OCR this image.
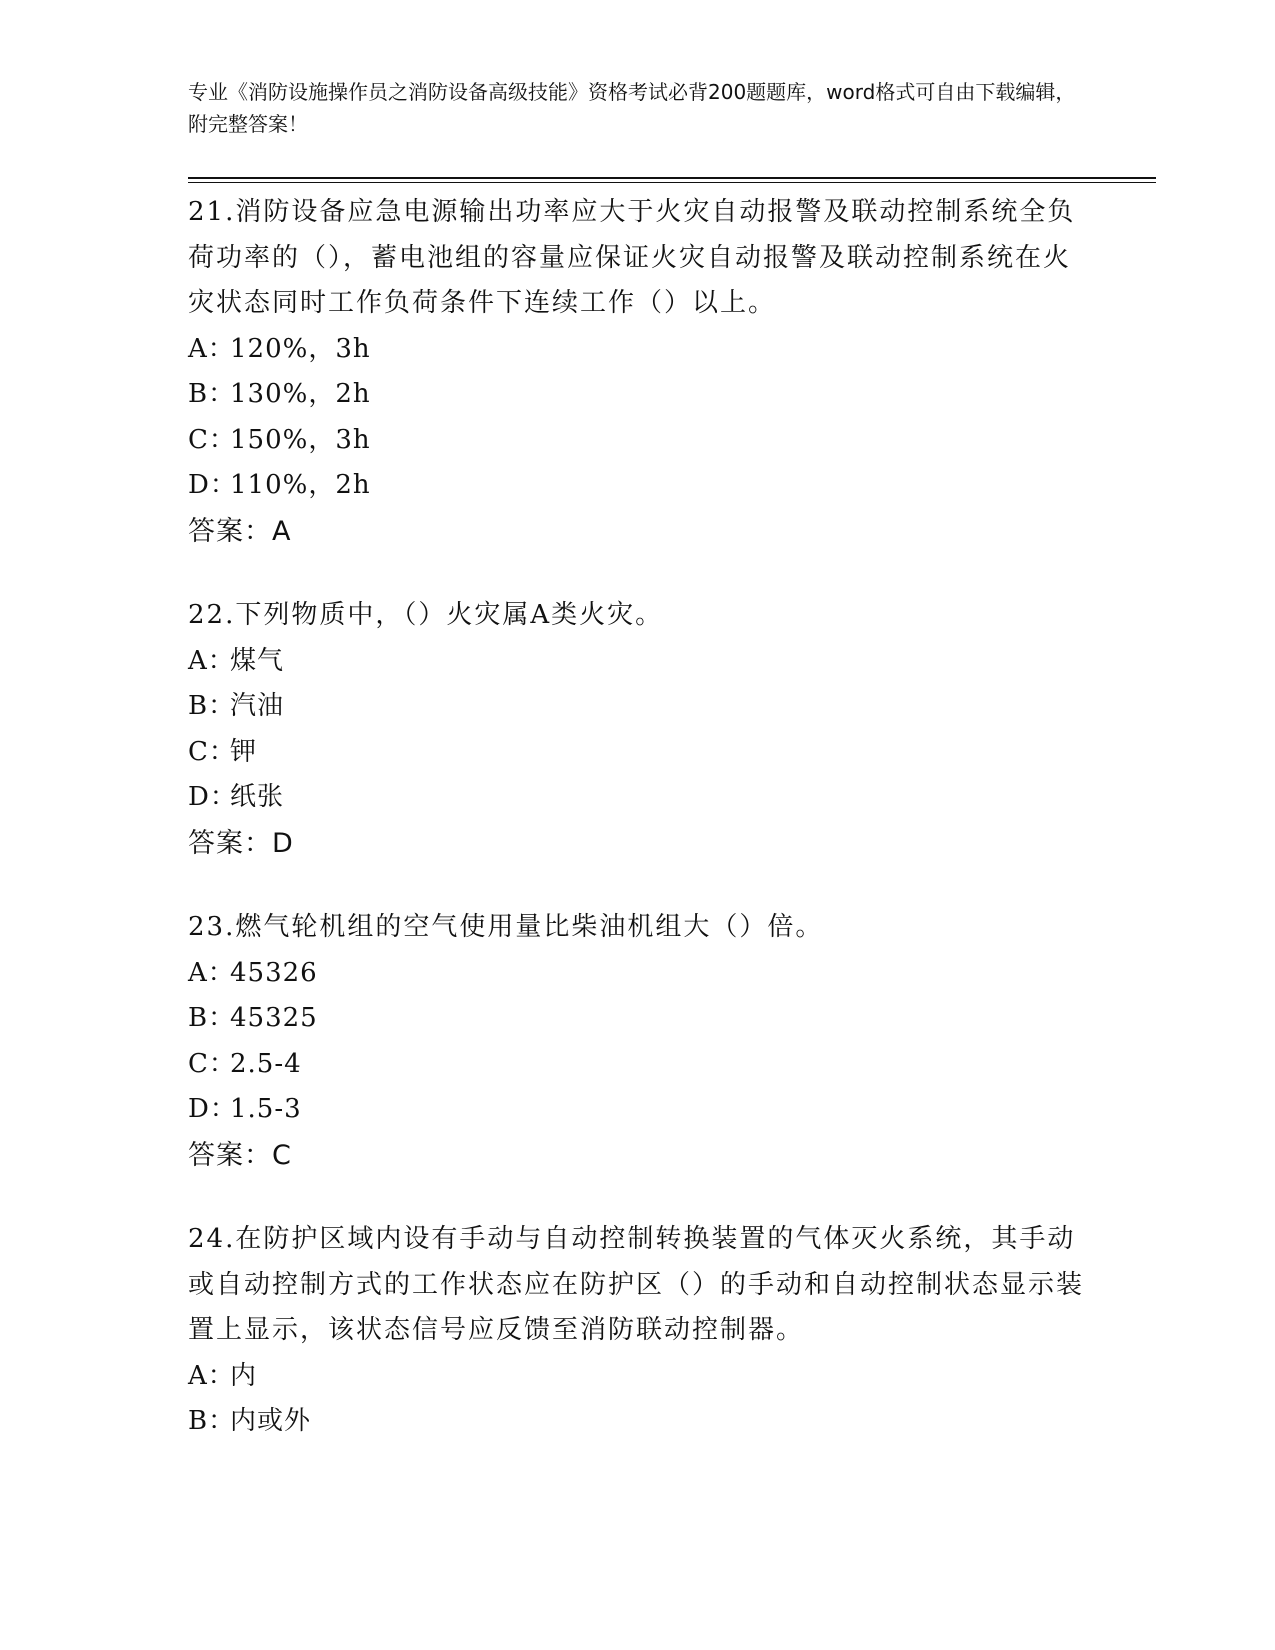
专业《消防设施操作员之消防设备高级技能》资格考试必背200题题库，word格式可自由下载编辑，附完整答案！
21.消防设备应急电源输出功率应大于火灾自动报警及联动控制系统全负荷功率的（），蓄电池组的容量应保证火灾自动报警及联动控制系统在火灾状态同时工作负荷条件下连续工作（）以上。
A：120%，3h
B：130%，2h
C：150%，3h
D：110%，2h
答案：A
22.下列物质中，（）火灾属A类火灾。
A：煤气
B：汽油
C：钾
D：纸张
答案：D
23.燃气轮机组的空气使用量比柴油机组大（）倍。
A：45326
B：45325
C：2.5-4
D：1.5-3
答案：C
24.在防护区域内设有手动与自动控制转换装置的气体灭火系统，其手动或自动控制方式的工作状态应在防护区（）的手动和自动控制状态显示装置上显示，该状态信号应反馈至消防联动控制器。
A：内
B：内或外
